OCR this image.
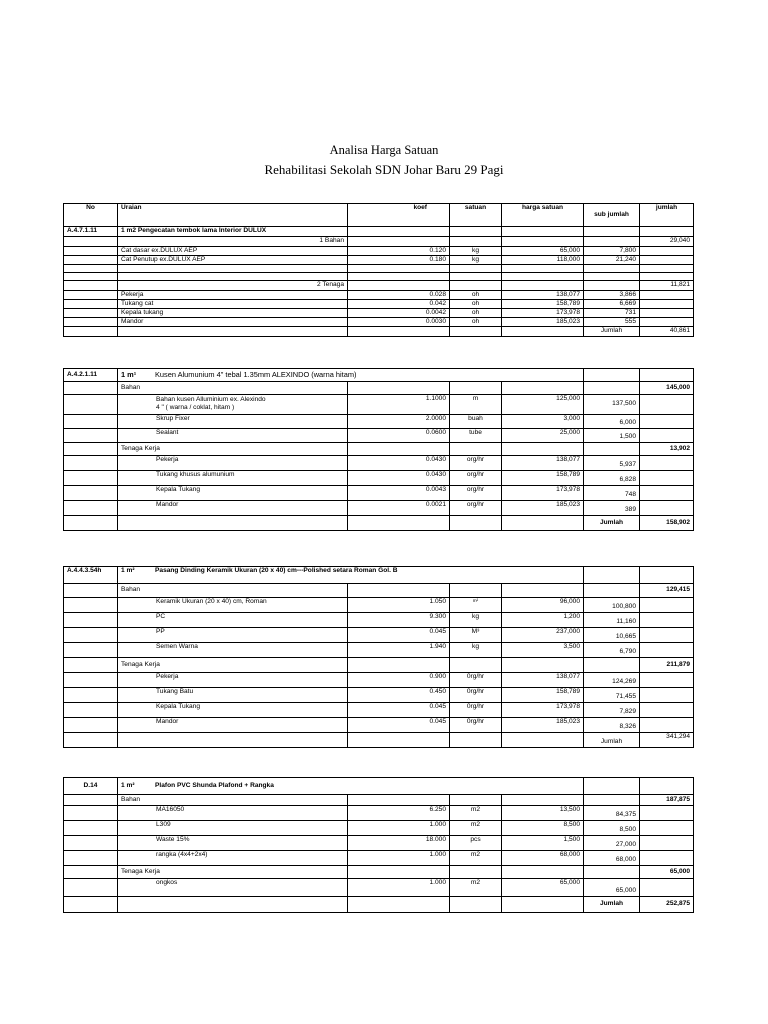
Analisa Harga Satuan
Rehabilitasi Sekolah SDN Johar Baru 29 Pagi
No	Uraian	koef	satuan	harga satuan	sub jumlah	jumlah
A.4.7.1.11	1 m2 Pengecatan tembok lama Interior DULUX					
	1 Bahan					29,040
	Cat dasar ex.DULUX AEP	0.120	kg	65,000	7,800	
	Cat Penutup ex.DULUX AEP	0.180	kg	118,000	21,240	

	2 Tenaga					11,821
	Pekerja	0.028	oh	138,077	3,866	
	Tukang cat	0.042	oh	158,789	6,669	
	Kepala tukang	0.0042	oh	173,978	731	
	Mandor	0.0030	oh	185,023	555	
					Jumlah	40,861
A.4.2.1.11	1 m¹ Kusen Alumunium 4" tebal 1.35mm ALEXINDO (warna hitam)					
	Bahan					145,000
	Bahan kusen Alluminium ex. Alexindo
4 " ( warna / coklat, hitam )	1.1000	m	125,000	137,500	
	Skrup Fixer	2.0000	buah	3,000	6,000	
	Sealant	0.0600	tube	25,000	1,500	
	Tenaga Kerja					13,902
	Pekerja	0.0430	org/hr	138,077	5,937	
	Tukang khusus alumunium	0.0430	org/hr	158,789	6,828	
	Kepala Tukang	0.0043	org/hr	173,978	748	
	Mandor	0.0021	org/hr	185,023	389	
					Jumlah	158,902
A.4.4.3.54h	1 m² Pasang Dinding Keramik Ukuran (20 x 40) cm---Polished setara Roman Gol. B					
	Bahan					129,415
	Keramik Ukuran (20 x 40) cm, Roman	1.050	m²	96,000	100,800	
	PC	9.300	kg	1,200	11,160	
	PP	0.045	M³	237,000	10,665	
	Semen Warna	1.940	kg	3,500	6,790	
	Tenaga Kerja					211,879
	Pekerja	0.900	0rg/hr	138,077	124,269	
	Tukang Batu	0.450	0rg/hr	158,789	71,455	
	Kepala Tukang	0.045	0rg/hr	173,978	7,829	
	Mandor	0.045	0rg/hr	185,023	8,326	
					Jumlah	341,294
D.14	1 m² Plafon PVC Shunda Plafond + Rangka					
	Bahan					187,875
	MA16050	6.250	m2	13,500	84,375	
	L309	1.000	m2	8,500	8,500	
	Waste 15%	18.000	pcs	1,500	27,000	
	rangka (4x4+2x4)	1.000	m2	68,000	68,000	
	Tenaga Kerja					65,000
	ongkos	1.000	m2	65,000	65,000	
					Jumlah	252,875
